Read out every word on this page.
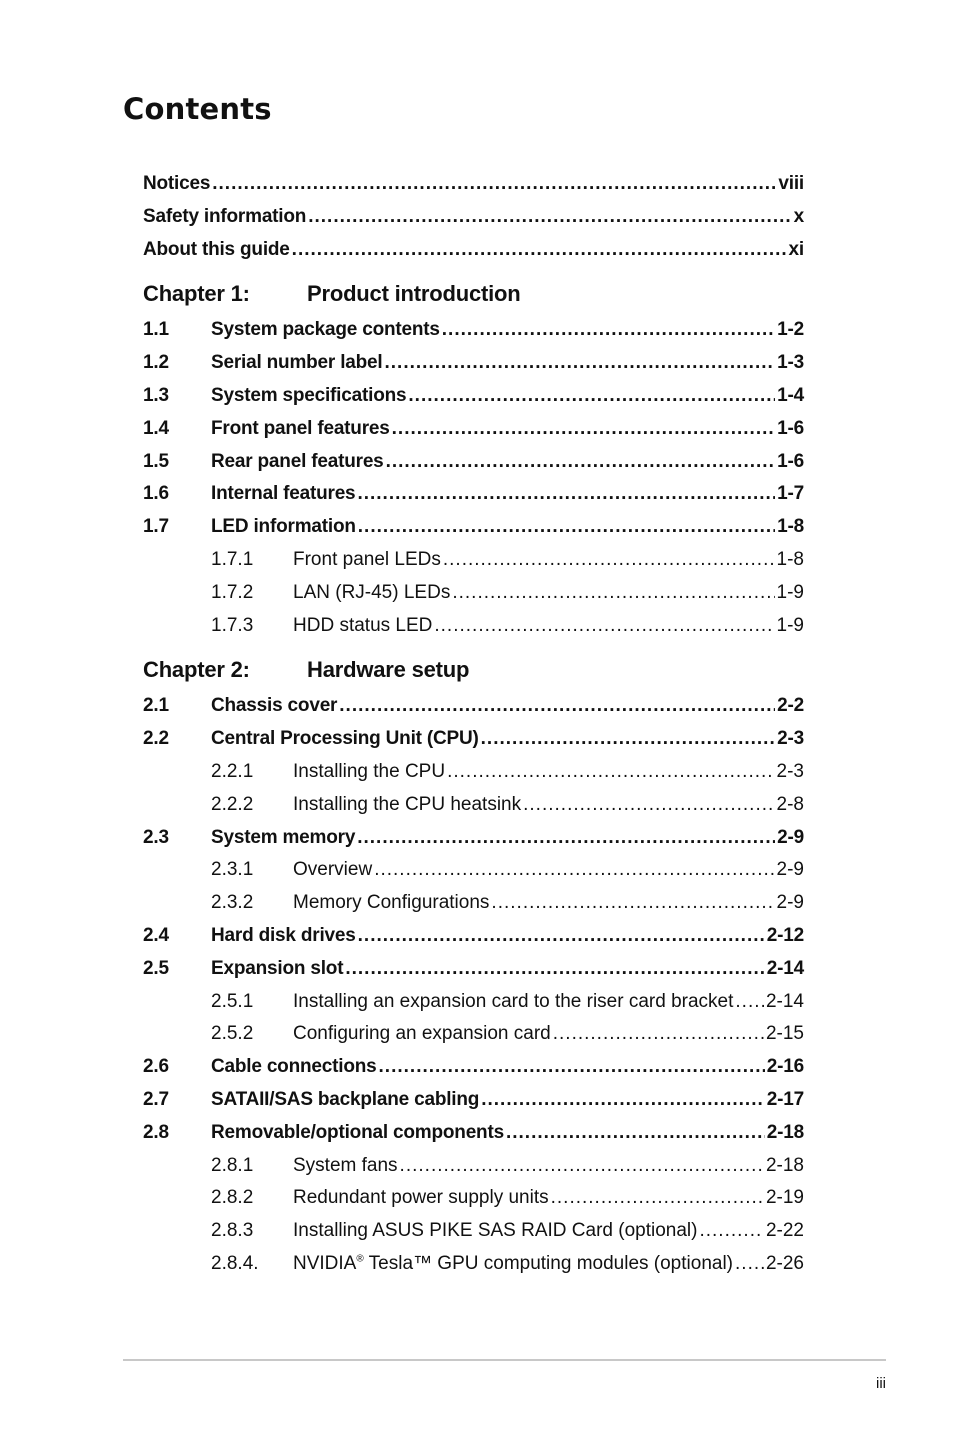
Contents
Notices .....	viii
Safety information .....	x
About this guide .....	xi
Chapter 1:	Product introduction
1.1	System package contents .....	1-2
1.2	Serial number label .....	1-3
1.3	System specifications .....	1-4
1.4	Front panel features .....	1-6
1.5	Rear panel features .....	1-6
1.6	Internal features .....	1-7
1.7	LED information .....	1-8
1.7.1	Front panel LEDs .....	1-8
1.7.2	LAN (RJ-45) LEDs .....	1-9
1.7.3	HDD status LED .....	1-9
Chapter 2:	Hardware setup
2.1	Chassis cover .....	2-2
2.2	Central Processing Unit (CPU) .....	2-3
2.2.1	Installing the CPU .....	2-3
2.2.2	Installing the CPU heatsink .....	2-8
2.3	System memory .....	2-9
2.3.1	Overview .....	2-9
2.3.2	Memory Configurations .....	2-9
2.4	Hard disk drives .....	2-12
2.5	Expansion slot .....	2-14
2.5.1	Installing an expansion card to the riser card bracket ..... 2-14
2.5.2	Configuring an expansion card .....	2-15
2.6	Cable connections .....	2-16
2.7	SATAII/SAS backplane cabling .....	2-17
2.8	Removable/optional components .....	2-18
2.8.1	System fans .....	2-18
2.8.2	Redundant power supply units .....	2-19
2.8.3	Installing ASUS PIKE SAS RAID Card (optional) .....	2-22
2.8.4.	NVIDIA® Tesla™ GPU computing modules (optional) ..... 2-26
iii
